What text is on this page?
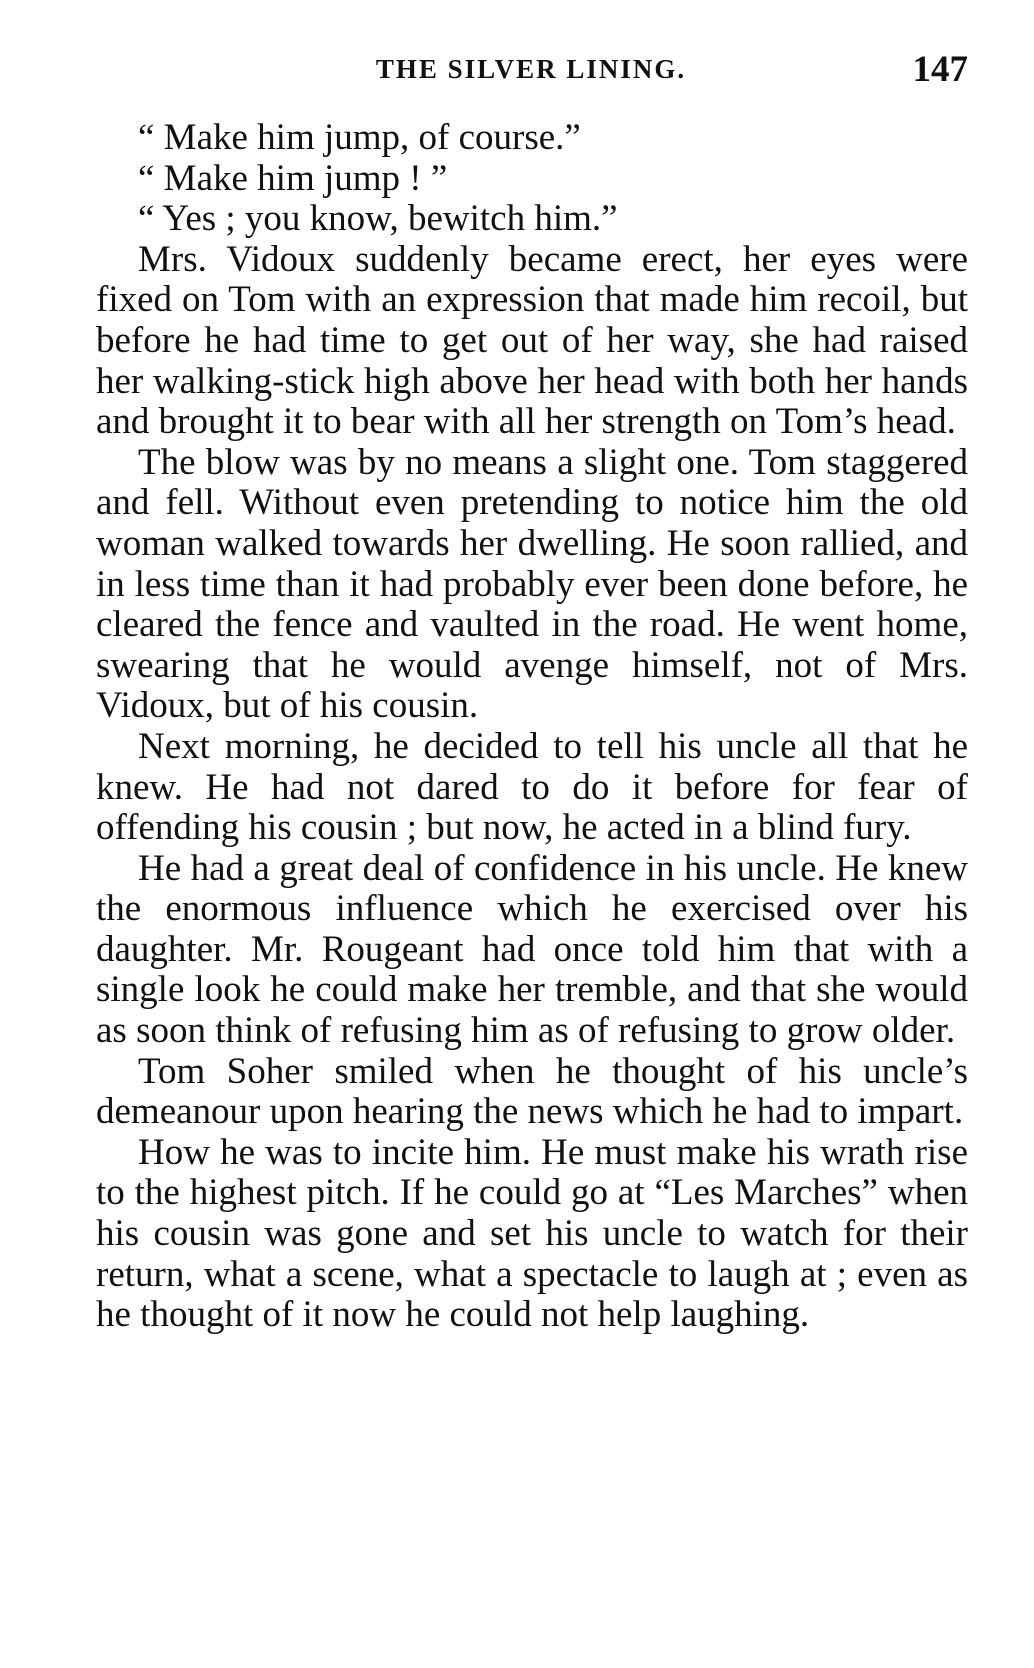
THE SILVER LINING.	147

“ Make him jump, of course.”

“ Make him jump ! ”

“ Yes ; you know, bewitch him.”

Mrs. Vidoux suddenly became erect, her eyes were fixed on Tom with an expression that made him recoil, but before he had time to get out of her way, she had raised her walking-stick high above her head with both her hands and brought it to bear with all her strength on Tom’s head.

The blow was by no means a slight one. Tom staggered and fell. Without even pretending to notice him the old woman walked towards her dwelling. He soon rallied, and in less time than it had probably ever been done before, he cleared the fence and vaulted in the road. He went home, swearing that he would avenge himself, not of Mrs. Vidoux, but of his cousin.

Next morning, he decided to tell his uncle all that he knew. He had not dared to do it before for fear of offending his cousin ; but now, he acted in a blind fury.

He had a great deal of confidence in his uncle. He knew the enormous influence which he exercised over his daughter. Mr. Rougeant had once told him that with a single look he could make her tremble, and that she would as soon think of refusing him as of refusing to grow older.

Tom Soher smiled when he thought of his uncle’s demeanour upon hearing the news which he had to impart.

How he was to incite him. He must make his wrath rise to the highest pitch. If he could go at “Les Marches” when his cousin was gone and set his uncle to watch for their return, what a scene, what a spectacle to laugh at ; even as he thought of it now he could not help laughing.
